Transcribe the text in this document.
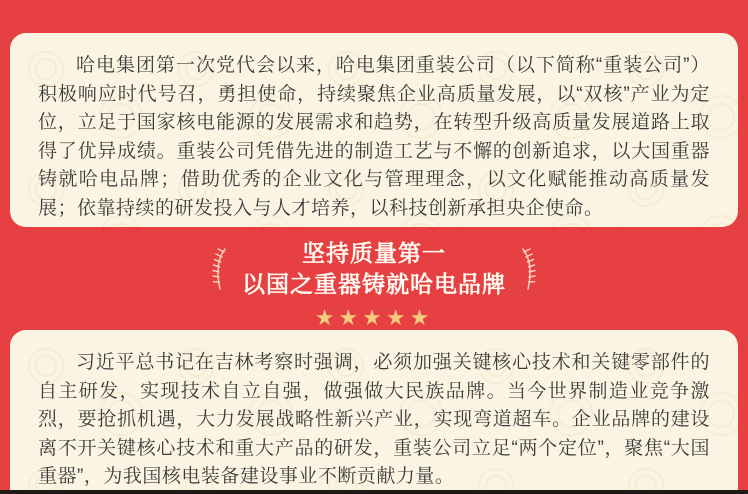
哈电集团第一次党代会以来，哈电集团重装公司（以下简称“重装公司”）积极响应时代号召，勇担使命，持续聚焦企业高质量发展，以“双核”产业为定位，立足于国家核电能源的发展需求和趋势，在转型升级高质量发展道路上取得了优异成绩。重装公司凭借先进的制造工艺与不懈的创新追求，以大国重器铸就哈电品牌；借助优秀的企业文化与管理理念，以文化赋能推动高质量发展；依靠持续的研发投入与人才培养，以科技创新承担央企使命。

坚持质量第一
以国之重器铸就哈电品牌
★★★★★

习近平总书记在吉林考察时强调，必须加强关键核心技术和关键零部件的自主研发，实现技术自立自强，做强做大民族品牌。当今世界制造业竞争激烈，要抢抓机遇，大力发展战略性新兴产业，实现弯道超车。企业品牌的建设离不开关键核心技术和重大产品的研发，重装公司立足“两个定位”，聚焦“大国重器”，为我国核电装备建设事业不断贡献力量。
